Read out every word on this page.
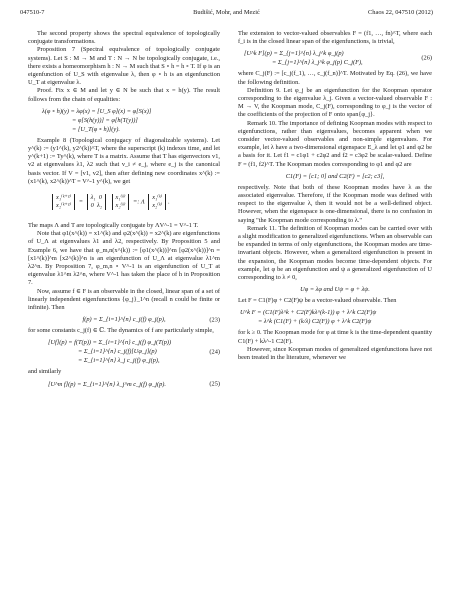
047510-7	Budišić, Mohr, and Mezić	Chaos 22, 047510 (2012)

The second property shows the spectral equivalence of topologically conjugate transformations.

Proposition 7 (Spectral equivalence of topologically conjugate systems). Let S : M → M and T : N → N be topologically conjugate, i.e., there exists a homeomorphism h : N → M such that S ∘ h = h ∘ T. If φ is an eigenfunction of U_S with eigenvalue λ, then φ ∘ h is an eigenfunction U_T at eigenvalue λ.

Proof. Fix x ∈ M and let y ∈ N be such that x = h(y). The result follows from the chain of equalities:

λ(φ ∘ h)(y) = λφ(x) = [U_S φ](x) = φ[S(x)]
= φ[S(h(y))] = φ[h(T(y))]
= [U_T(φ ∘ h)](y).

Example 8 (Topological conjugacy of diagonalizable systems). Let y^(k) := (y1^(k), y2^(k))^T, where the superscript (k) indexes time, and let y^(k+1) := Ty^(k), where T is a matrix. Assume that T has eigenvectors v1, v2 at eigenvalues λ1, λ2 such that v_i ≠ e_j, where e_j is the canonical basis vector. If V = [v1, v2], then after defining new coordinates x^(k) := (x1^(k), x2^(k))^T = V^-1 y^(k), we get

x₁⁽ᵏ⁺¹⁾
x₂⁽ᵏ⁺¹⁾ = λ₁  0
0  λ₂ x₁⁽ᵏ⁾
x₂⁽ᵏ⁾ =: Λ x₁⁽ᵏ⁾
x₂⁽ᵏ⁾.

The maps Λ and T are topologically conjugate by ΛV^-1 = V^-1 T.

Note that φ1(x^(k)) = x1^(k) and φ2(x^(k)) = x2^(k) are eigenfunctions of U_Λ at eigenvalues λ1 and λ2, respectively. By Proposition 5 and Example 6, we have that φ_m,n(x^(k)) := [φ1(x^(k))]^m [φ2(x^(k))]^n = [x1^(k)]^m [x2^(k)]^n is an eigenfunction of U_Λ at eigenvalue λ1^m λ2^n. By Proposition 7, φ_m,n ∘ V^-1 is an eigenfunction of U_T at eigenvalue λ1^m λ2^n, where V^-1 has taken the place of h in Proposition 7.

Now, assume f ∈ F is an observable in the closed, linear span of a set of linearly independent eigenfunctions {φ_j}_1^n (recall n could be finite or infinite). Then

f(p) = Σ_{i=1}^{n} c_j(f) φ_j(p),	(23)

for some constants c_j(f) ∈ ℂ. The dynamics of f are particularly simple,

[Uf](p) = f(T(p)) = Σ_{i=1}^{n} c_j(f) φ_j(T(p))
= Σ_{i=1}^{n} c_j(f)[Uφ_j](p)
= Σ_{i=1}^{n} λ_j c_j(f) φ_j(p),
(24)

and similarly

[U^m f](p) = Σ_{i=1}^{n} λ_j^m c_j(f) φ_j(p).	(25)

The extension to vector-valued observables F = (f1, …, fn)^T, where each f_i is in the closed linear span of the eigenfunctions, is trivial,

[U^k F](p) = Σ_{j=1}^{n} λ_j^k φ_j(p)
= Σ_{j=1}^{n} λ_j^k φ_j(p) C_j(F),
(26)

where C_j(F) := [c_j(f_1), …, c_j(f_n)]^T. Motivated by Eq. (26), we have the following definition.

Definition 9. Let φ_j be an eigenfunction for the Koopman operator corresponding to the eigenvalue λ_j. Given a vector-valued observable F : M → V, the Koopman mode, C_j(F), corresponding to φ_j is the vector of the coefficients of the projection of F onto span{φ_j}.

Remark 10. The importance of defining Koopman modes with respect to eigenfunctions, rather than eigenvalues, becomes apparent when we consider vector-valued observables and non-simple eigenvalues. For example, let λ have a two-dimensional eigenspace E_λ and let φ1 and φ2 be a basis for it. Let f1 = c1φ1 + c2φ2 and f2 = c3φ2 be scalar-valued. Define F = (f1, f2)^T. The Koopman modes corresponding to φ1 and φ2 are

C1(F) = [c1; 0] and C2(F) = [c2; c3],

respectively. Note that both of these Koopman modes have λ as the associated eigenvalue. Therefore, if the Koopman mode was defined with respect to the eigenvalue λ, then it would not be a well-defined object. However, when the eigenspace is one-dimensional, there is no confusion in saying "the Koopman mode corresponding to λ."

Remark 11. The definition of Koopman modes can be carried over with a slight modification to generalized eigenfunctions. When an observable can be expanded in terms of only eigenfunctions, the Koopman modes are time-invariant objects. However, when a generalized eigenfunction is present in the expansion, the Koopman modes become time-dependent objects. For example, let φ be an eigenfunction and ψ a generalized eigenfunction of U corresponding to λ ≠ 0,

Uφ = λφ and Uψ = φ + λψ.

Let F = C1(F)φ + C2(F)ψ be a vector-valued observable. Then

U^k F = (C1(F)λ^k + C2(F)kλ^(k-1)) φ + λ^k C2(F)ψ
= λ^k (C1(F) + (k/λ) C2(F)) φ + λ^k C2(F)ψ

for k ≥ 0. The Koopman mode for φ at time k is the time-dependent quantity C1(F) + kλ^-1 C2(F).

However, since Koopman modes of generalized eigenfunctions have not been treated in the literature, whenever we
